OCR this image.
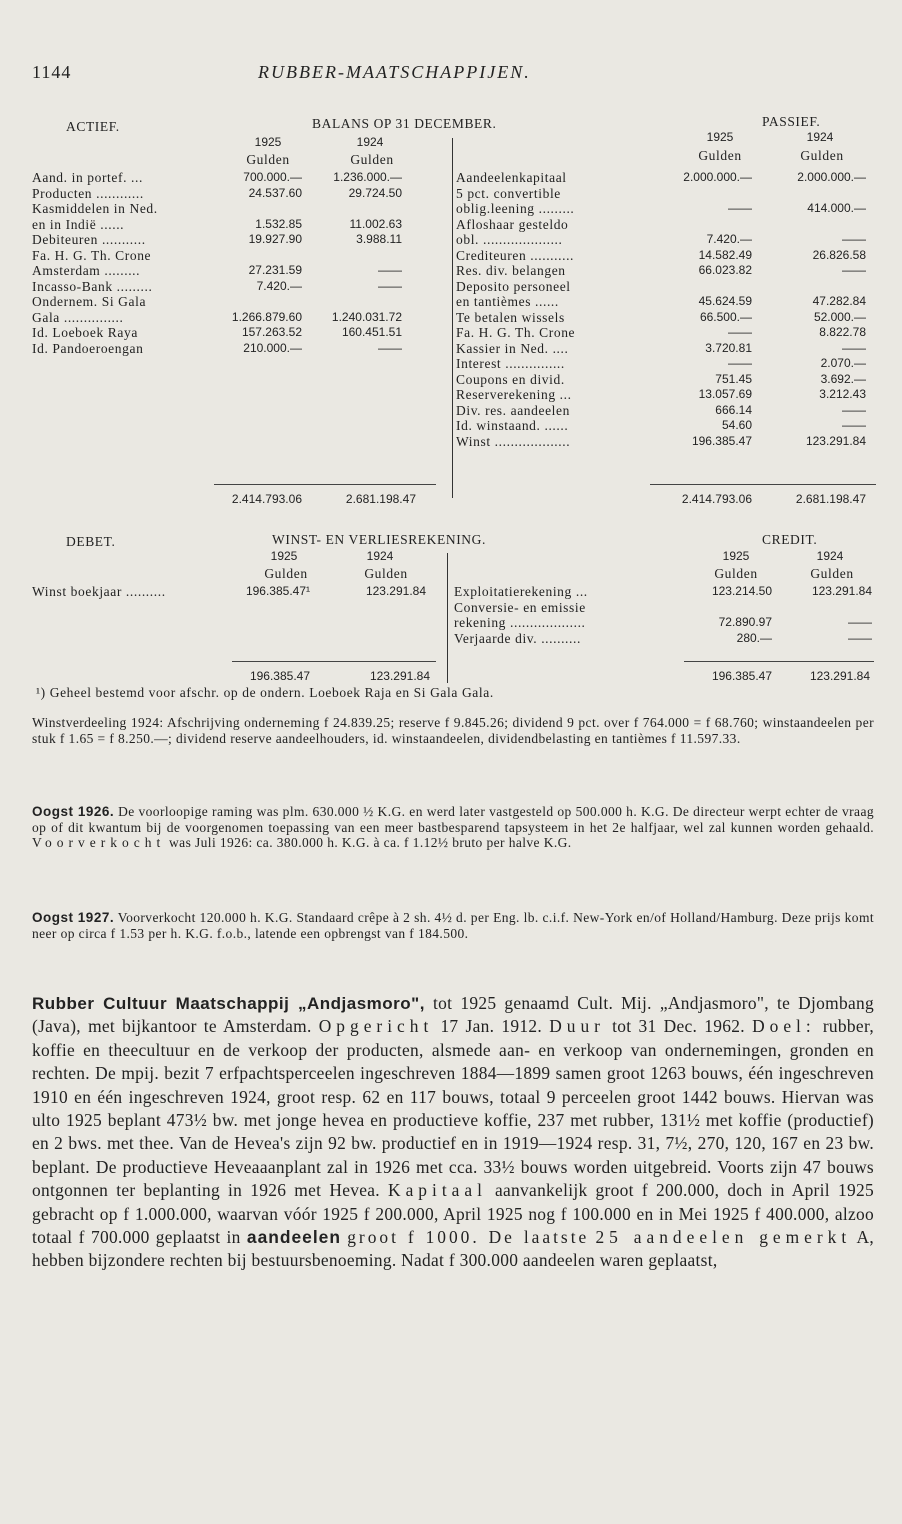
1144	RUBBER-MAATSCHAPPIJEN.
ACTIEF.	BALANS OP 31 DECEMBER.	PASSIEF.
1925	1924
Gulden	Gulden
1925	1924
Gulden	Gulden
Aand. in portef. ...	700.000.—	1.236.000.—
Producten ............	24.537.60	29.724.50
Kasmiddelen in Ned.
en in Indië ......	1.532.85	11.002.63
Debiteuren ...........	19.927.90	3.988.11
Fa. H. G. Th. Crone
Amsterdam .........	27.231.59	——
Incasso-Bank .........	7.420.—	——
Ondernem. Si Gala
Gala ...............	1.266.879.60	1.240.031.72
Id. Loeboek Raya	157.263.52	160.451.51
Id. Pandoeroengan	210.000.—	——
Aandeelenkapitaal	2.000.000.—	2.000.000.—
5 pct. convertible
oblig.leening .........	——	414.000.—
Afloshaar gesteldo
obl. ....................	7.420.—	——
Crediteuren ...........	14.582.49	26.826.58
Res. div. belangen	66.023.82	——
Deposito personeel
en tantièmes ......	45.624.59	47.282.84
Te betalen wissels	66.500.—	52.000.—
Fa. H. G. Th. Crone	——	8.822.78
Kassier in Ned. ....	3.720.81	——
Interest ...............	——	2.070.—
Coupons en divid.	751.45	3.692.—
Reserverekening ...	13.057.69	3.212.43
Div. res. aandeelen	666.14	——
Id. winstaand. ......	54.60	——
Winst ...................	196.385.47	123.291.84
2.414.793.06	2.681.198.47	2.414.793.06	2.681.198.47
DEBET.	WINST- EN VERLIESREKENING.	CREDIT.
1925	1924
Gulden	Gulden
1925	1924
Gulden	Gulden
Winst boekjaar ..........	196.385.47¹	123.291.84 Exploitatierekening ...	123.214.50	123.291.84
Conversie- en emissie
rekening ...................	72.890.97	——
Verjaarde div. ..........	280.—	——
196.385.47	123.291.84	196.385.47	123.291.84
¹) Geheel bestemd voor afschr. op de ondern. Loeboek Raja en Si Gala Gala.
Winstverdeeling 1924: Afschrijving onderneming f 24.839.25; reserve f 9.845.26; dividend 9 pct. over f 764.000 = f 68.760; winstaandeelen per stuk f 1.65 = f 8.250.—; dividend reserve aandeelhouders, id. winstaandeelen, dividendbelasting en tantièmes f 11.597.33.
Oogst 1926. De voorloopige raming was plm. 630.000 ½ K.G. en werd later vastgesteld op 500.000 h. K.G. De directeur werpt echter de vraag op of dit kwantum bij de voorgenomen toepassing van een meer bastbesparend tapsysteem in het 2e halfjaar, wel zal kunnen worden gehaald. Voorverkocht was Juli 1926: ca. 380.000 h. K.G. à ca. f 1.12½ bruto per halve K.G.
Oogst 1927. Voorverkocht 120.000 h. K.G. Standaard crêpe à 2 sh. 4½ d. per Eng. lb. c.i.f. New-York en/of Holland/Hamburg. Deze prijs komt neer op circa f 1.53 per h. K.G. f.o.b., latende een opbrengst van f 184.500.
Rubber Cultuur Maatschappij „Andjasmoro", tot 1925 genaamd Cult. Mij. „Andjasmoro", te Djombang (Java), met bijkantoor te Amsterdam. Opgericht 17 Jan. 1912. Duur tot 31 Dec. 1962. Doel: rubber, koffie en theecultuur en de verkoop der producten, alsmede aan- en verkoop van ondernemingen, gronden en rechten. De mpij. bezit 7 erfpachtsperceelen ingeschreven 1884—1899 samen groot 1263 bouws, één ingeschreven 1910 en één ingeschreven 1924, groot resp. 62 en 117 bouws, totaal 9 perceelen groot 1442 bouws. Hiervan was ulto 1925 beplant 473½ bw. met jonge hevea en productieve koffie, 237 met rubber, 131½ met koffie (productief) en 2 bws. met thee. Van de Hevea's zijn 92 bw. productief en in 1919—1924 resp. 31, 7½, 270, 120, 167 en 23 bw. beplant. De productieve Heveaaanplant zal in 1926 met cca. 33½ bouws worden uitgebreid. Voorts zijn 47 bouws ontgonnen ter beplanting in 1926 met Hevea. Kapitaal aanvankelijk groot f 200.000, doch in April 1925 gebracht op f 1.000.000, waarvan vóór 1925 f 200.000, April 1925 nog f 100.000 en in Mei 1925 f 400.000, alzoo totaal f 700.000 geplaatst in aandeelen groot f 1000. De laatste 25 aandeelen gemerkt A, hebben bijzondere rechten bij bestuursbenoeming. Nadat f 300.000 aandeelen waren geplaatst,
